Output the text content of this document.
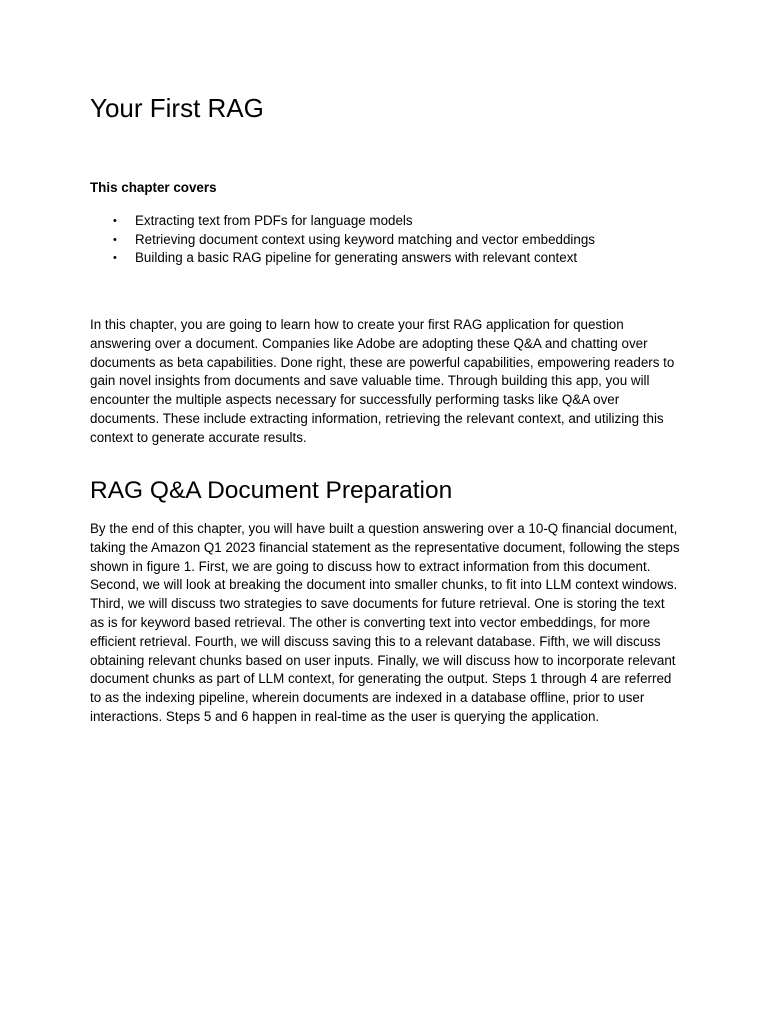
Your First RAG

This chapter covers

• Extracting text from PDFs for language models
• Retrieving document context using keyword matching and vector embeddings
• Building a basic RAG pipeline for generating answers with relevant context

In this chapter, you are going to learn how to create your first RAG application for question answering over a document. Companies like Adobe are adopting these Q&A and chatting over documents as beta capabilities. Done right, these are powerful capabilities, empowering readers to gain novel insights from documents and save valuable time. Through building this app, you will encounter the multiple aspects necessary for successfully performing tasks like Q&A over documents. These include extracting information, retrieving the relevant context, and utilizing this context to generate accurate results.

RAG Q&A Document Preparation

By the end of this chapter, you will have built a question answering over a 10-Q financial document, taking the Amazon Q1 2023 financial statement as the representative document, following the steps shown in figure 1. First, we are going to discuss how to extract information from this document. Second, we will look at breaking the document into smaller chunks, to fit into LLM context windows. Third, we will discuss two strategies to save documents for future retrieval. One is storing the text as is for keyword based retrieval. The other is converting text into vector embeddings, for more efficient retrieval. Fourth, we will discuss saving this to a relevant database. Fifth, we will discuss obtaining relevant chunks based on user inputs. Finally, we will discuss how to incorporate relevant document chunks as part of LLM context, for generating the output. Steps 1 through 4 are referred to as the indexing pipeline, wherein documents are indexed in a database offline, prior to user interactions. Steps 5 and 6 happen in real-time as the user is querying the application.
